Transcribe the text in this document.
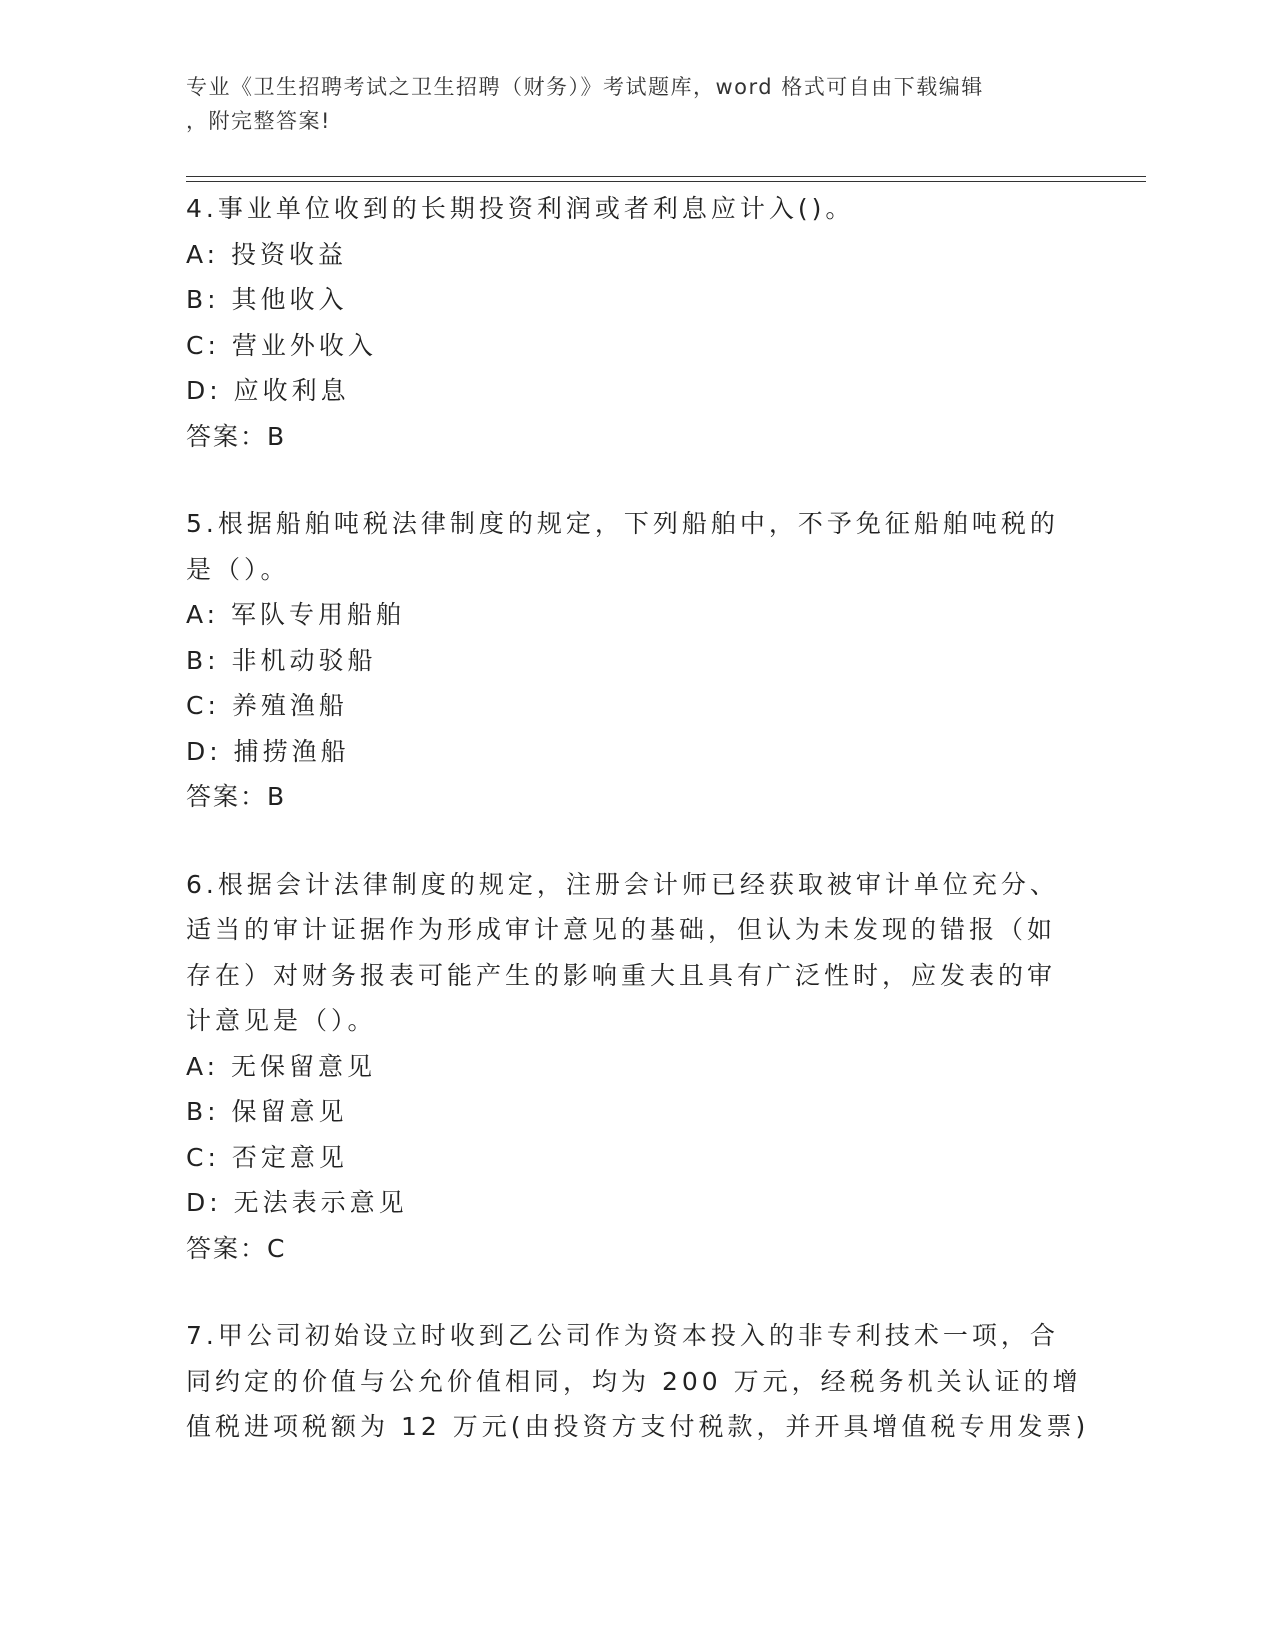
专业《卫生招聘考试之卫生招聘（财务）》考试题库，word 格式可自由下载编辑
，附完整答案!

4.事业单位收到的长期投资利润或者利息应计入()。

A: 投资收益

B: 其他收入

C: 营业外收入

D: 应收利息

答案：B

5.根据船舶吨税法律制度的规定，下列船舶中，不予免征船舶吨税的

是（）。

A: 军队专用船舶

B: 非机动驳船

C: 养殖渔船

D: 捕捞渔船

答案：B

6.根据会计法律制度的规定，注册会计师已经获取被审计单位充分、

适当的审计证据作为形成审计意见的基础，但认为未发现的错报（如

存在）对财务报表可能产生的影响重大且具有广泛性时，应发表的审

计意见是（）。

A: 无保留意见

B: 保留意见

C: 否定意见

D: 无法表示意见

答案：C

7.甲公司初始设立时收到乙公司作为资本投入的非专利技术一项，合

同约定的价值与公允价值相同，均为 200 万元，经税务机关认证的增

值税进项税额为 12 万元(由投资方支付税款，并开具增值税专用发票)
